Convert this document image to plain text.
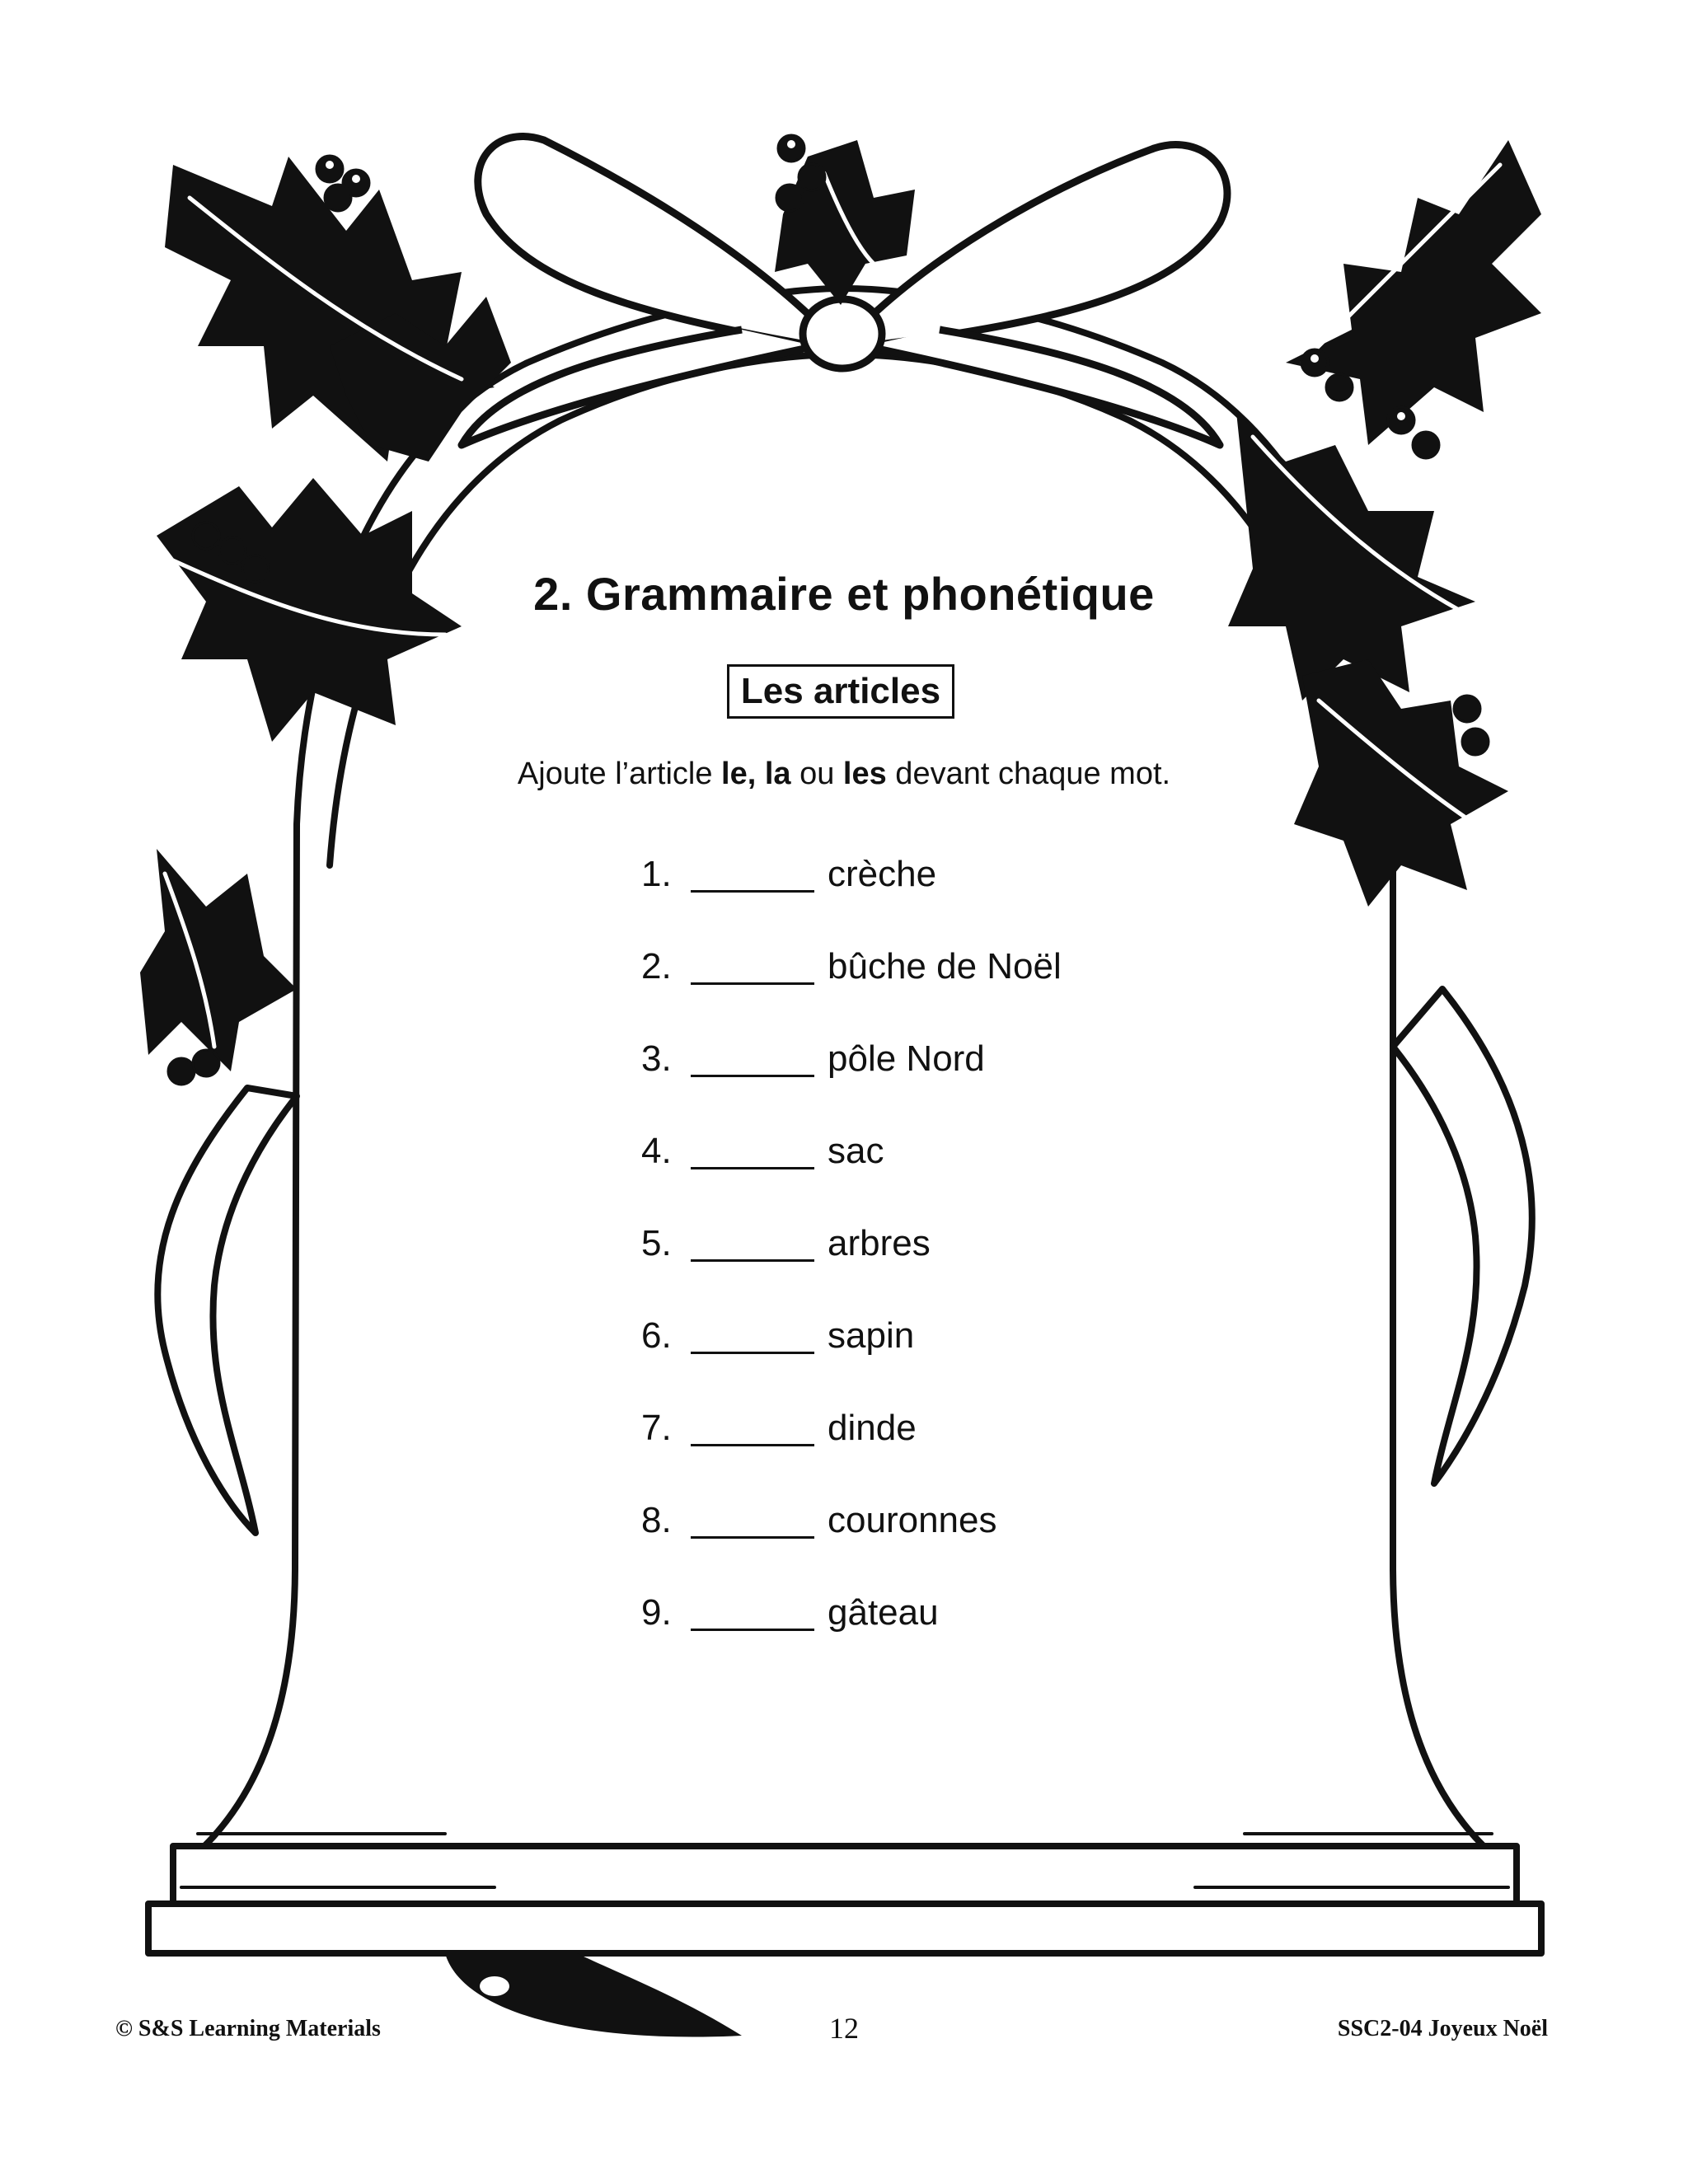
2. Grammaire et phonétique
Les articles
Ajoute l’article le, la ou les devant chaque mot.
1.	crèche
2.	bûche de Noël
3.	pôle Nord
4.	sac
5.	arbres
6.	sapin
7.	dinde
8.	couronnes
9.	gâteau
© S&S Learning Materials	12	SSC2-04 Joyeux Noël
